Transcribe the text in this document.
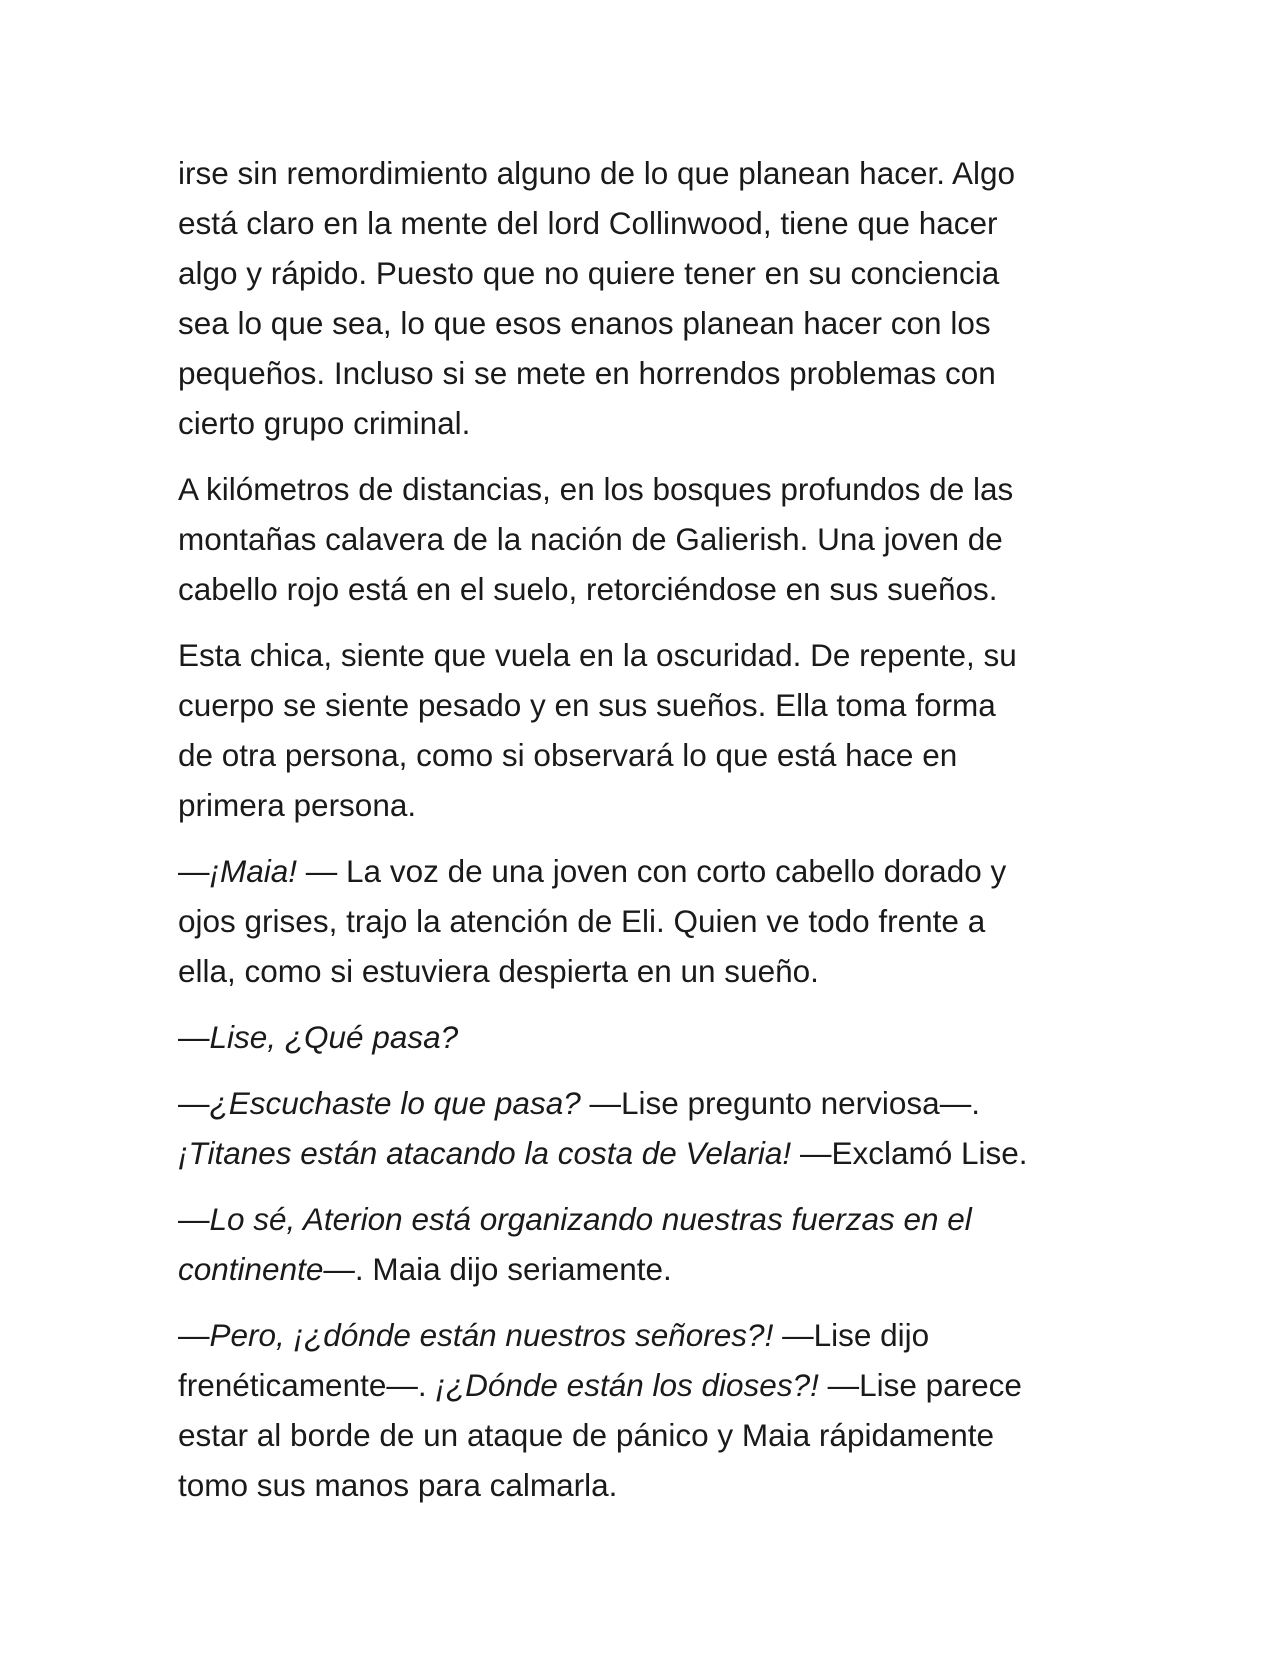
irse sin remordimiento alguno de lo que planean hacer. Algo
está claro en la mente del lord Collinwood, tiene que hacer
algo y rápido. Puesto que no quiere tener en su conciencia
sea lo que sea, lo que esos enanos planean hacer con los
pequeños. Incluso si se mete en horrendos problemas con
cierto grupo criminal.
A kilómetros de distancias, en los bosques profundos de las
montañas calavera de la nación de Galierish. Una joven de
cabello rojo está en el suelo, retorciéndose en sus sueños.
Esta chica, siente que vuela en la oscuridad. De repente, su
cuerpo se siente pesado y en sus sueños. Ella toma forma
de otra persona, como si observará lo que está hace en
primera persona.
—¡Maia! — La voz de una joven con corto cabello dorado y
ojos grises, trajo la atención de Eli. Quien ve todo frente a
ella, como si estuviera despierta en un sueño.
—Lise, ¿Qué pasa?
—¿Escuchaste lo que pasa? —Lise pregunto nerviosa—.
¡Titanes están atacando la costa de Velaria! —Exclamó Lise.
—Lo sé, Aterion está organizando nuestras fuerzas en el
continente—. Maia dijo seriamente.
—Pero, ¡¿dónde están nuestros señores?! —Lise dijo
frenéticamente—. ¡¿Dónde están los dioses?! —Lise parece
estar al borde de un ataque de pánico y Maia rápidamente
tomo sus manos para calmarla.
